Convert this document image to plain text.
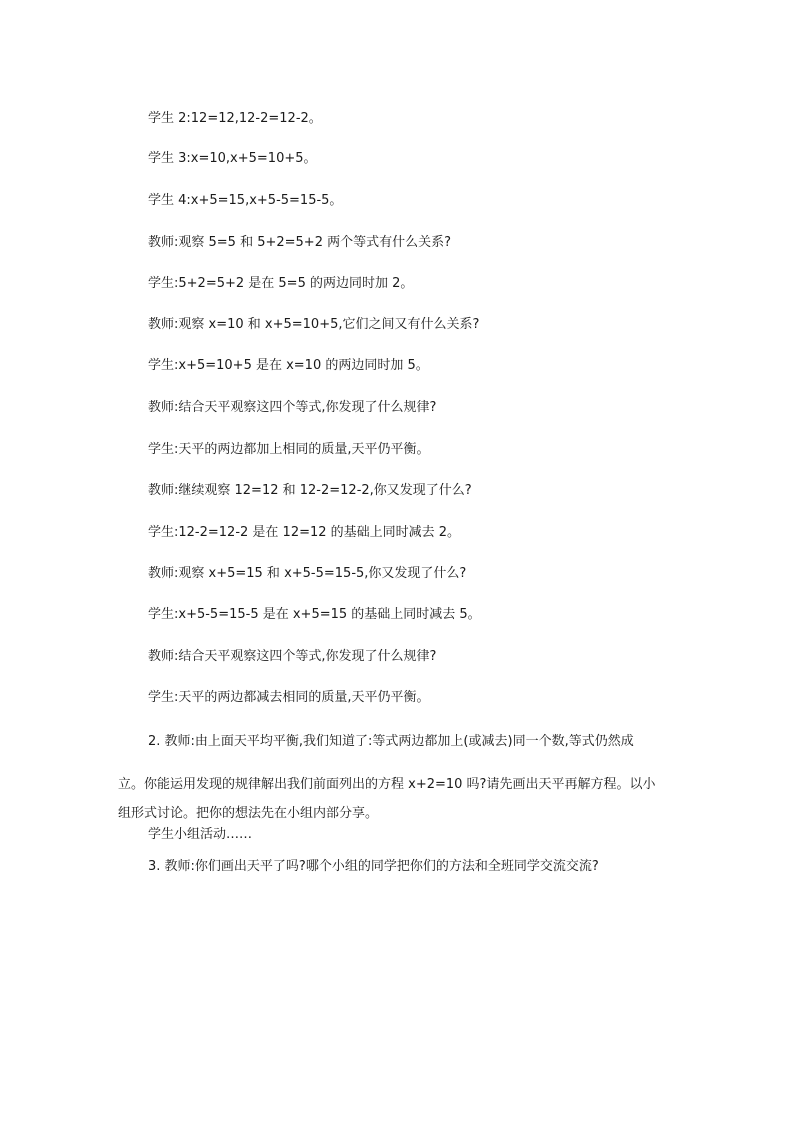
学生 2:12=12,12-2=12-2。
学生 3:x=10,x+5=10+5。
学生 4:x+5=15,x+5-5=15-5。
教师:观察 5=5 和 5+2=5+2 两个等式有什么关系?
学生:5+2=5+2 是在 5=5 的两边同时加 2。
教师:观察 x=10 和 x+5=10+5,它们之间又有什么关系?
学生:x+5=10+5 是在 x=10 的两边同时加 5。
教师:结合天平观察这四个等式,你发现了什么规律?
学生:天平的两边都加上相同的质量,天平仍平衡。
教师:继续观察 12=12 和 12-2=12-2,你又发现了什么?
学生:12-2=12-2 是在 12=12 的基础上同时减去 2。
教师:观察 x+5=15 和 x+5-5=15-5,你又发现了什么?
学生:x+5-5=15-5 是在 x+5=15 的基础上同时减去 5。
教师:结合天平观察这四个等式,你发现了什么规律?
学生:天平的两边都减去相同的质量,天平仍平衡。
2. 教师:由上面天平均平衡,我们知道了:等式两边都加上(或减去)同一个数,等式仍然成
立。你能运用发现的规律解出我们前面列出的方程 x+2=10 吗?请先画出天平再解方程。以小
组形式讨论。把你的想法先在小组内部分享。
学生小组活动……
3. 教师:你们画出天平了吗?哪个小组的同学把你们的方法和全班同学交流交流?
